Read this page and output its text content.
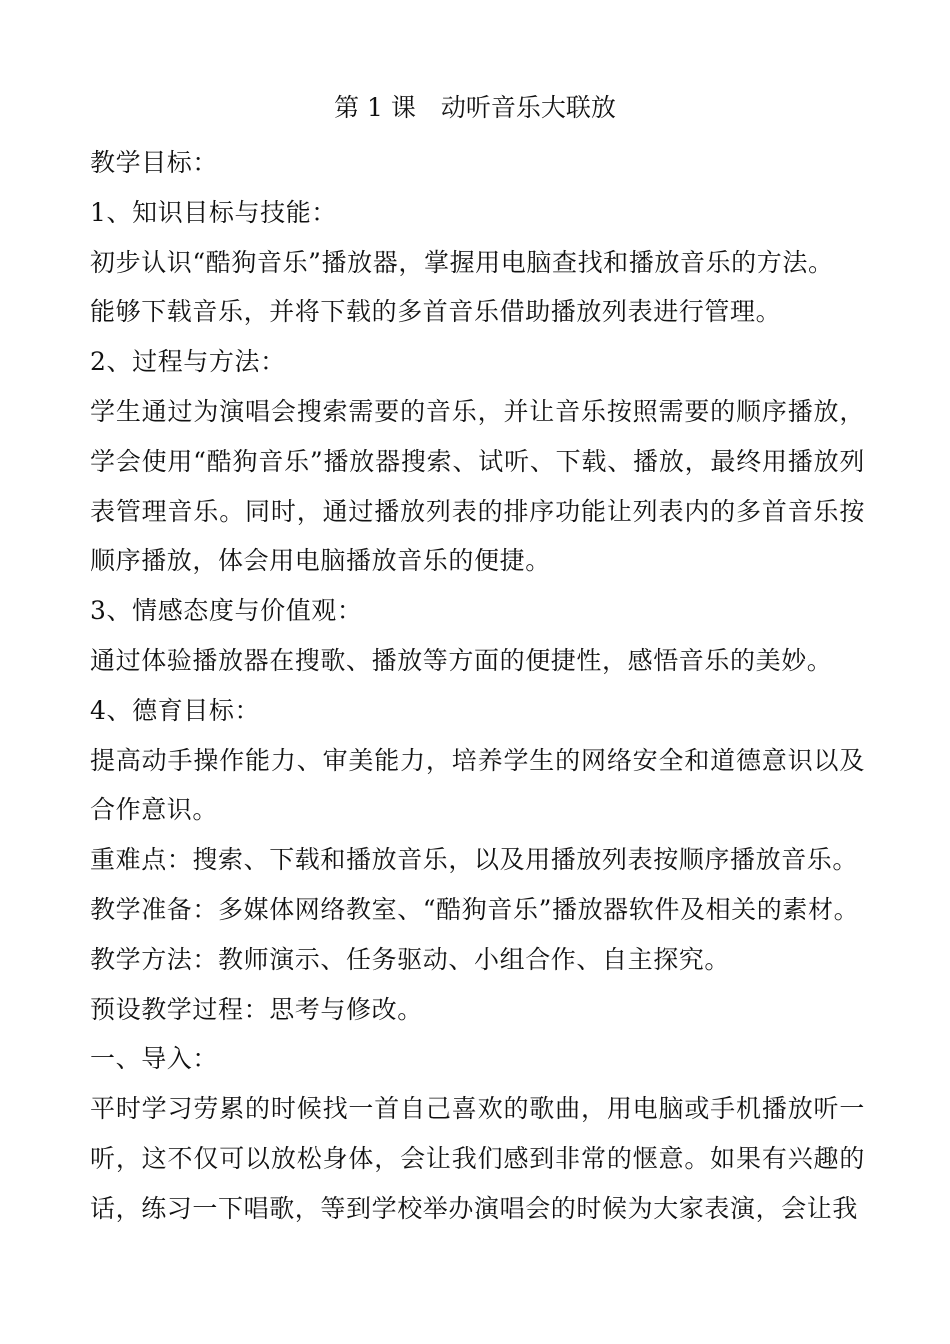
第 1 课　动听音乐大联放

教学目标：

1、知识目标与技能：

初步认识“酷狗音乐”播放器，掌握用电脑查找和播放音乐的方法。

能够下载音乐，并将下载的多首音乐借助播放列表进行管理。

2、过程与方法：

学生通过为演唱会搜索需要的音乐，并让音乐按照需要的顺序播放，学会使用“酷狗音乐”播放器搜索、试听、下载、播放，最终用播放列表管理音乐。同时，通过播放列表的排序功能让列表内的多首音乐按顺序播放，体会用电脑播放音乐的便捷。

3、情感态度与价值观：

通过体验播放器在搜歌、播放等方面的便捷性，感悟音乐的美妙。

4、德育目标：

提高动手操作能力、审美能力，培养学生的网络安全和道德意识以及合作意识。

重难点：搜索、下载和播放音乐，以及用播放列表按顺序播放音乐。

教学准备：多媒体网络教室、“酷狗音乐”播放器软件及相关的素材。

教学方法：教师演示、任务驱动、小组合作、自主探究。

预设教学过程：思考与修改。

一、导入：

平时学习劳累的时候找一首自己喜欢的歌曲，用电脑或手机播放听一听，这不仅可以放松身体，会让我们感到非常的惬意。如果有兴趣的话，练习一下唱歌，等到学校举办演唱会的时候为大家表演，会让我
